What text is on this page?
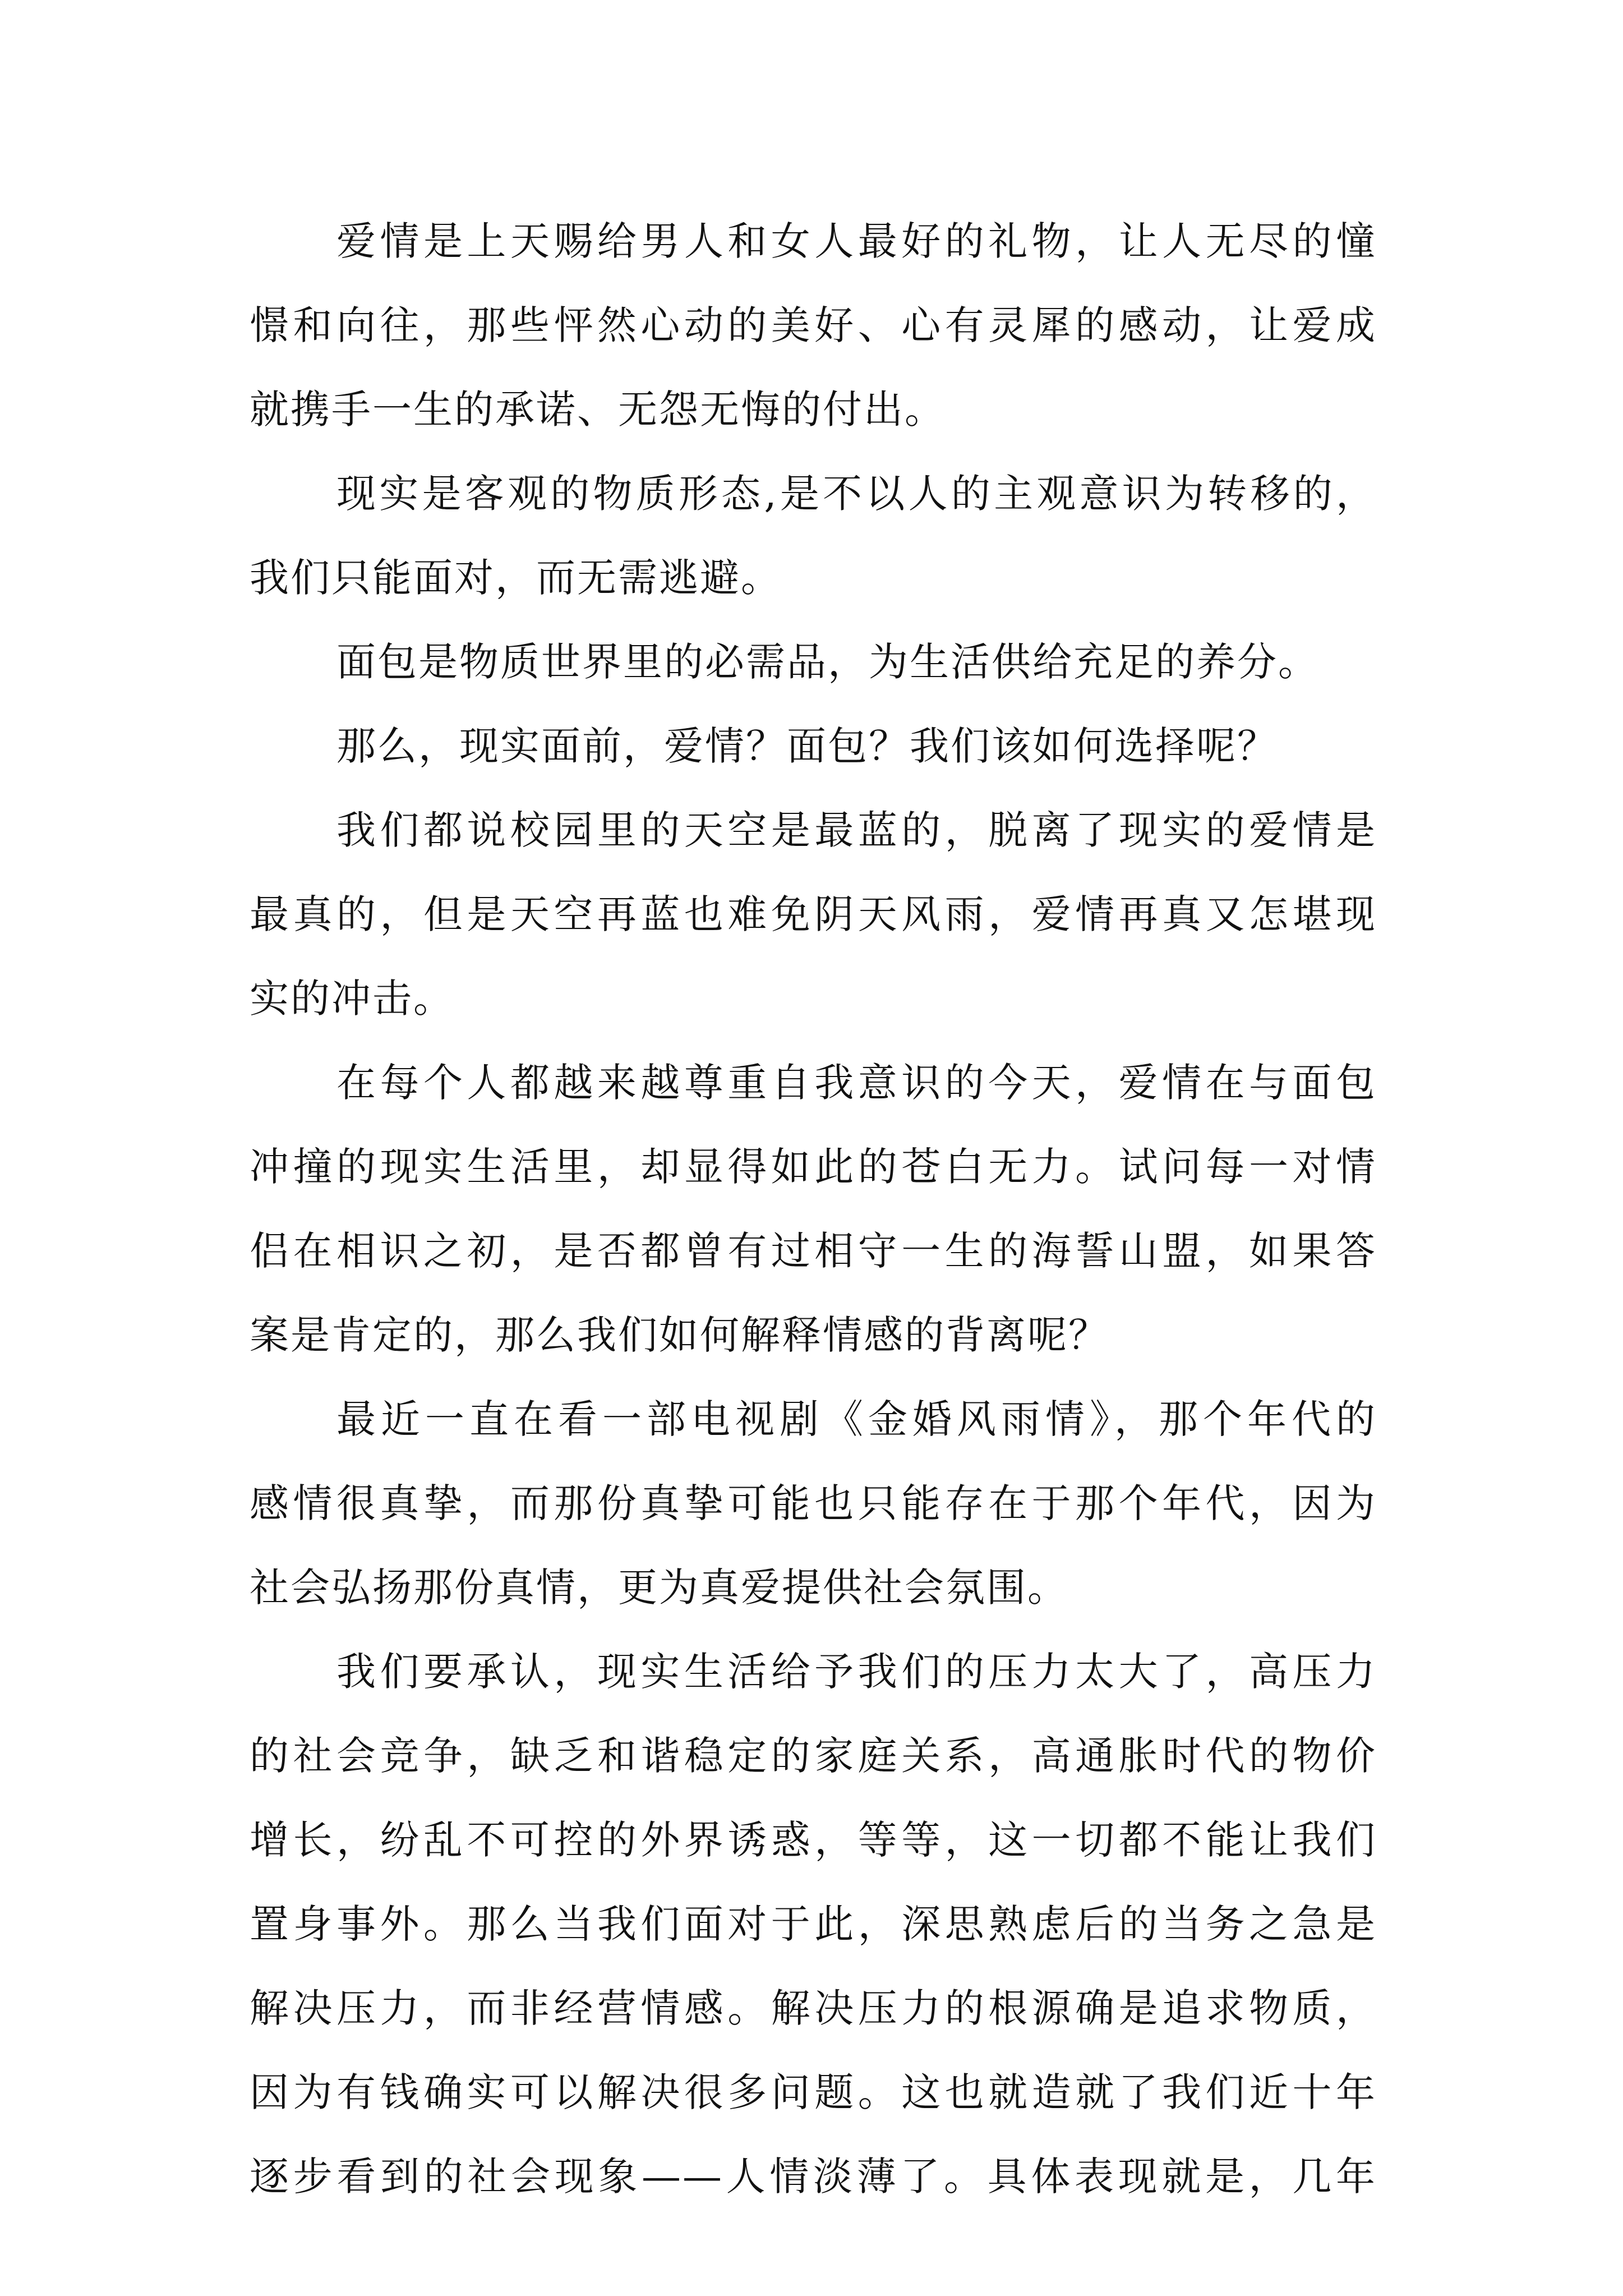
爱情是上天赐给男人和女人最好的礼物，让人无尽的憧
憬和向往，那些怦然心动的美好、心有灵犀的感动，让爱成
就携手一生的承诺、无怨无悔的付出。

现实是客观的物质形态,是不以人的主观意识为转移的，
我们只能面对，而无需逃避。

面包是物质世界里的必需品，为生活供给充足的养分。

那么，现实面前，爱情？面包？我们该如何选择呢？

我们都说校园里的天空是最蓝的，脱离了现实的爱情是
最真的，但是天空再蓝也难免阴天风雨，爱情再真又怎堪现
实的冲击。

在每个人都越来越尊重自我意识的今天，爱情在与面包
冲撞的现实生活里，却显得如此的苍白无力。试问每一对情
侣在相识之初，是否都曾有过相守一生的海誓山盟，如果答
案是肯定的，那么我们如何解释情感的背离呢？

最近一直在看一部电视剧《金婚风雨情》，那个年代的
感情很真挚，而那份真挚可能也只能存在于那个年代，因为
社会弘扬那份真情，更为真爱提供社会氛围。

我们要承认，现实生活给予我们的压力太大了，高压力
的社会竞争，缺乏和谐稳定的家庭关系，高通胀时代的物价
增长，纷乱不可控的外界诱惑，等等，这一切都不能让我们
置身事外。那么当我们面对于此，深思熟虑后的当务之急是
解决压力，而非经营情感。解决压力的根源确是追求物质，
因为有钱确实可以解决很多问题。这也就造就了我们近十年
逐步看到的社会现象——人情淡薄了。具体表现就是，几年
